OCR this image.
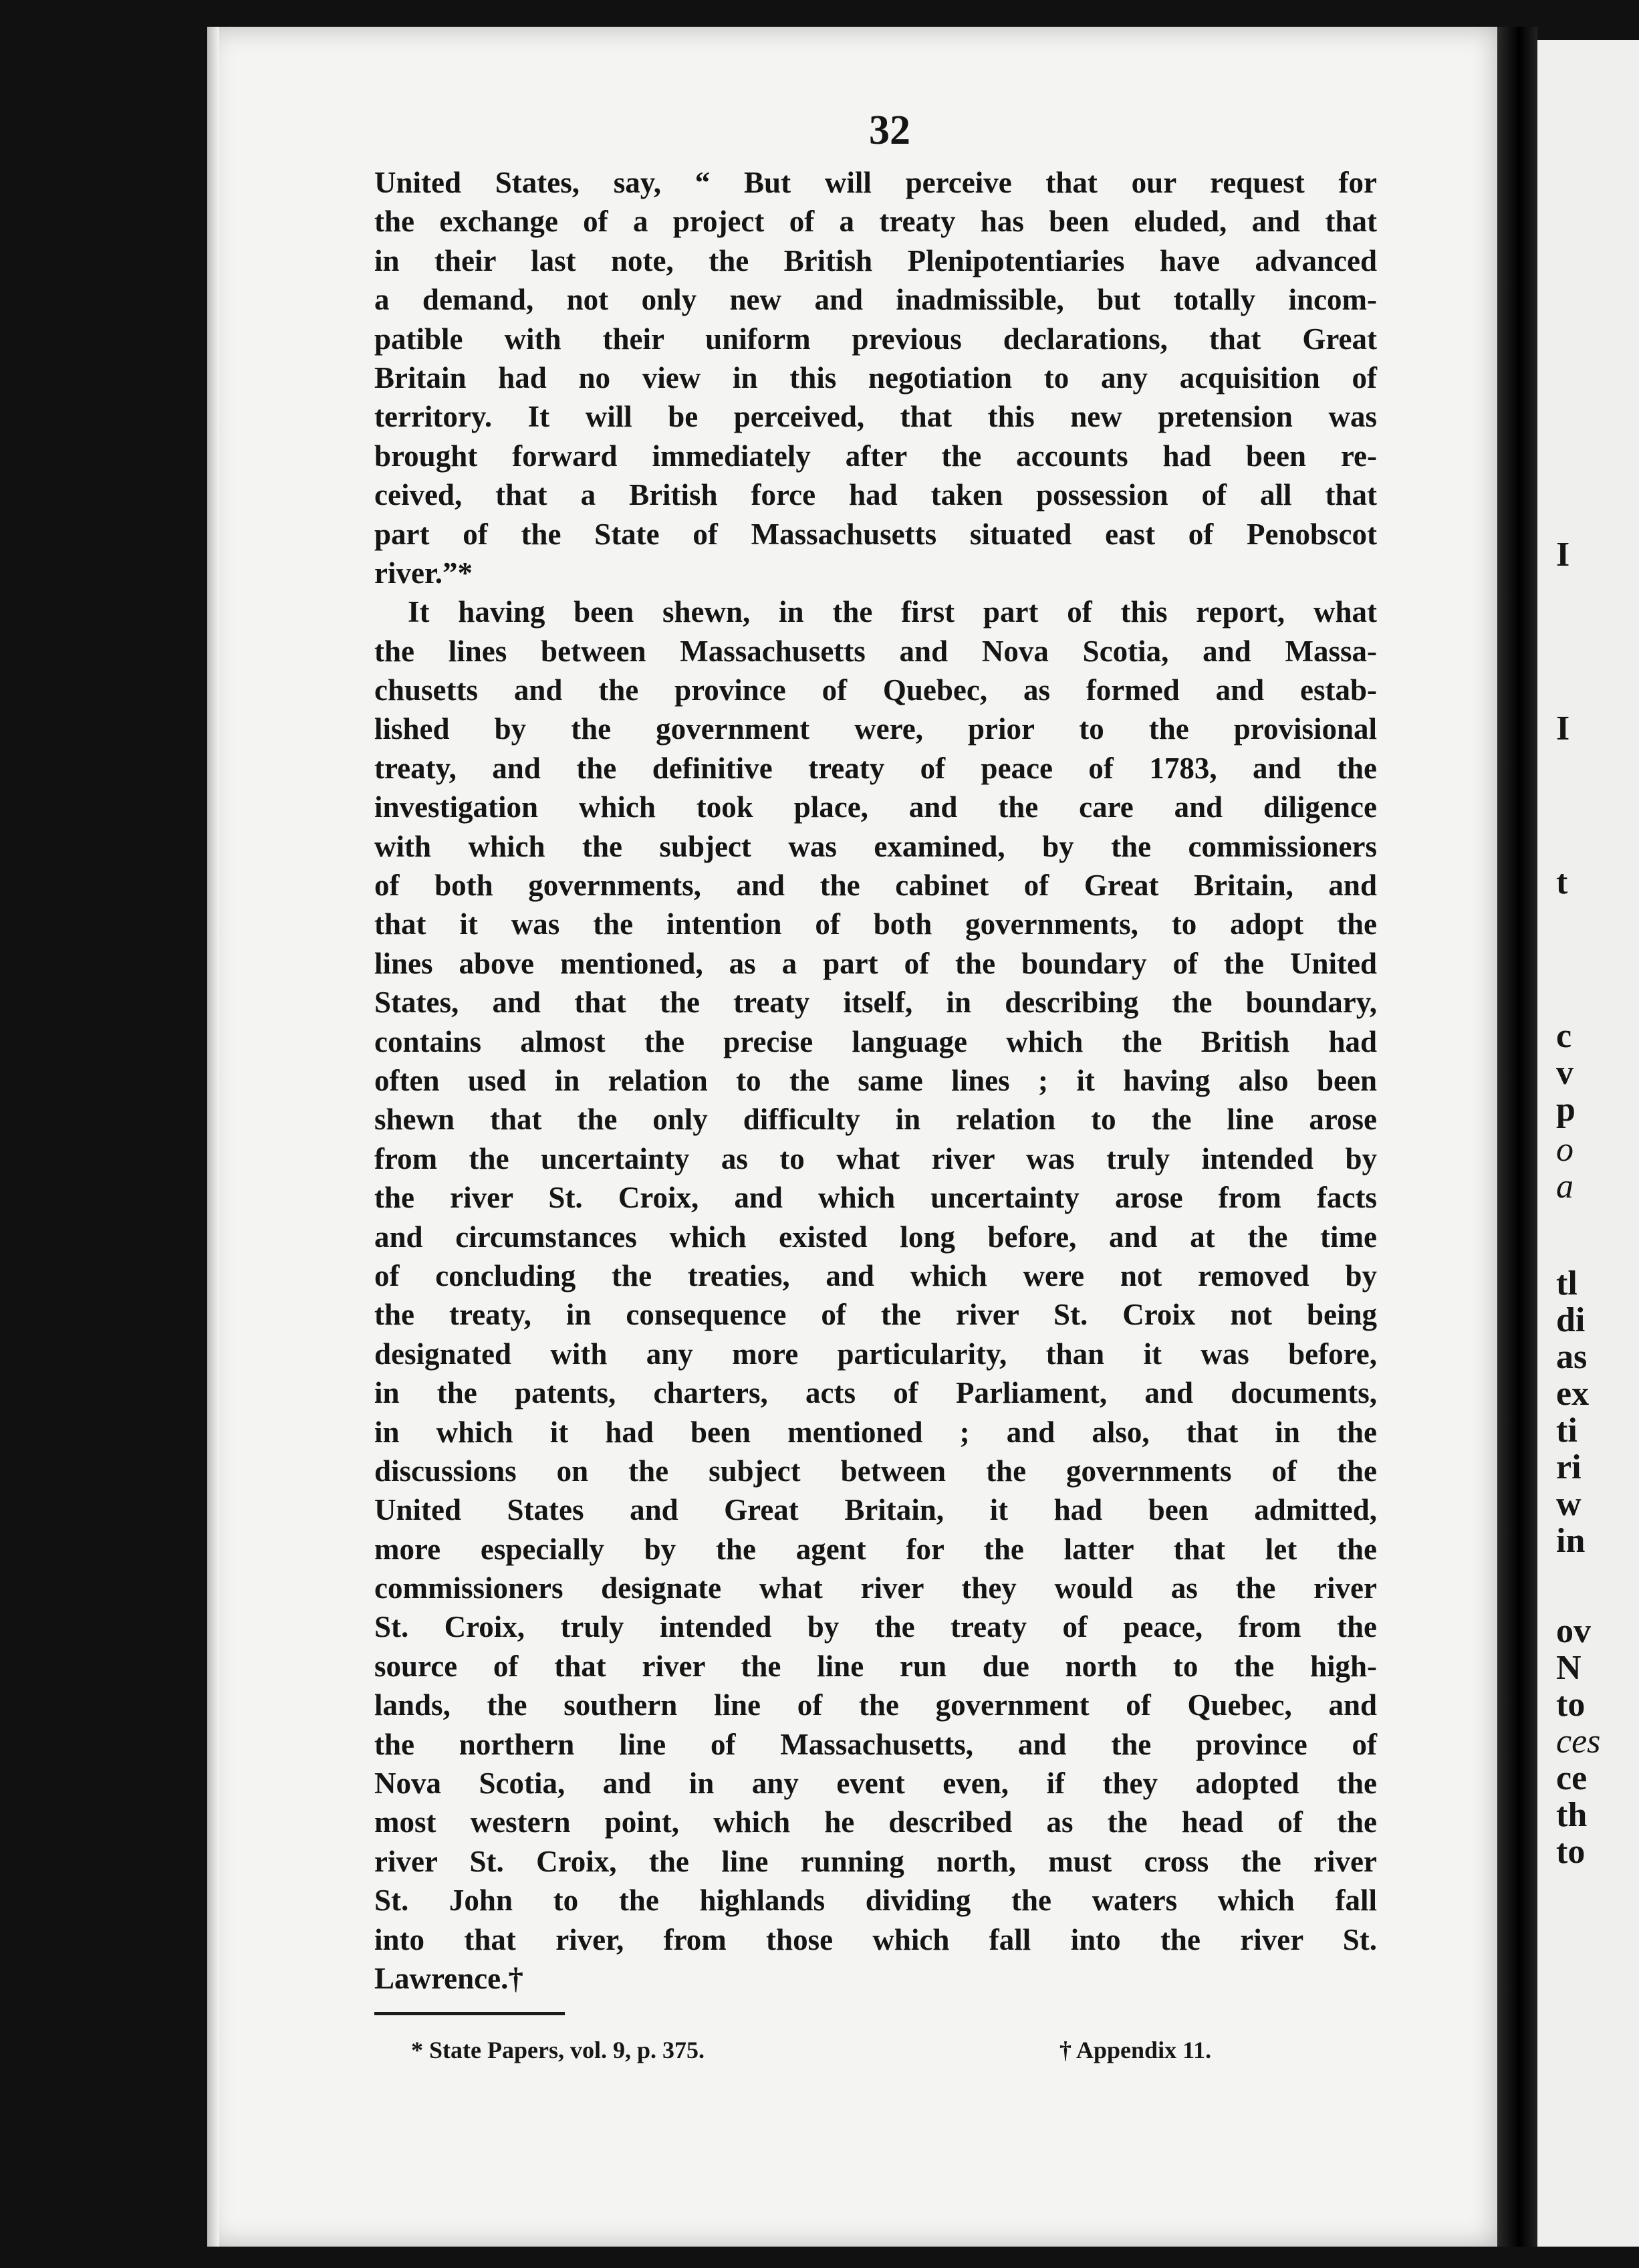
32
I
I
t
c
v
p
o
a
tl
di
as
ex
ti
ri
w
in
ov
N
to
ces
ce
th
to
United States, say, “ But will perceive that our request for
the exchange of a project of a treaty has been eluded, and that
in their last note, the British Plenipotentiaries have advanced
a demand, not only new and inadmissible, but totally incom-
patible with their uniform previous declarations, that Great
Britain had no view in this negotiation to any acquisition of
territory. It will be perceived, that this new pretension was
brought forward immediately after the accounts had been re-
ceived, that a British force had taken possession of all that
part of the State of Massachusetts situated east of Penobscot
river.”*
It having been shewn, in the first part of this report, what
the lines between Massachusetts and Nova Scotia, and Massa-
chusetts and the province of Quebec, as formed and estab-
lished by the government were, prior to the provisional
treaty, and the definitive treaty of peace of 1783, and the
investigation which took place, and the care and diligence
with which the subject was examined, by the commissioners
of both governments, and the cabinet of Great Britain, and
that it was the intention of both governments, to adopt the
lines above mentioned, as a part of the boundary of the United
States, and that the treaty itself, in describing the boundary,
contains almost the precise language which the British had
often used in relation to the same lines ; it having also been
shewn that the only difficulty in relation to the line arose
from the uncertainty as to what river was truly intended by
the river St. Croix, and which uncertainty arose from facts
and circumstances which existed long before, and at the time
of concluding the treaties, and which were not removed by
the treaty, in consequence of the river St. Croix not being
designated with any more particularity, than it was before,
in the patents, charters, acts of Parliament, and documents,
in which it had been mentioned ; and also, that in the
discussions on the subject between the governments of the
United States and Great Britain, it had been admitted,
more especially by the agent for the latter that let the
commissioners designate what river they would as the river
St. Croix, truly intended by the treaty of peace, from the
source of that river the line run due north to the high-
lands, the southern line of the government of Quebec, and
the northern line of Massachusetts, and the province of
Nova Scotia, and in any event even, if they adopted the
most western point, which he described as the head of the
river St. Croix, the line running north, must cross the river
St. John to the highlands dividing the waters which fall
into that river, from those which fall into the river St.
Lawrence.†
* State Papers, vol. 9, p. 375.	† Appendix 11.
